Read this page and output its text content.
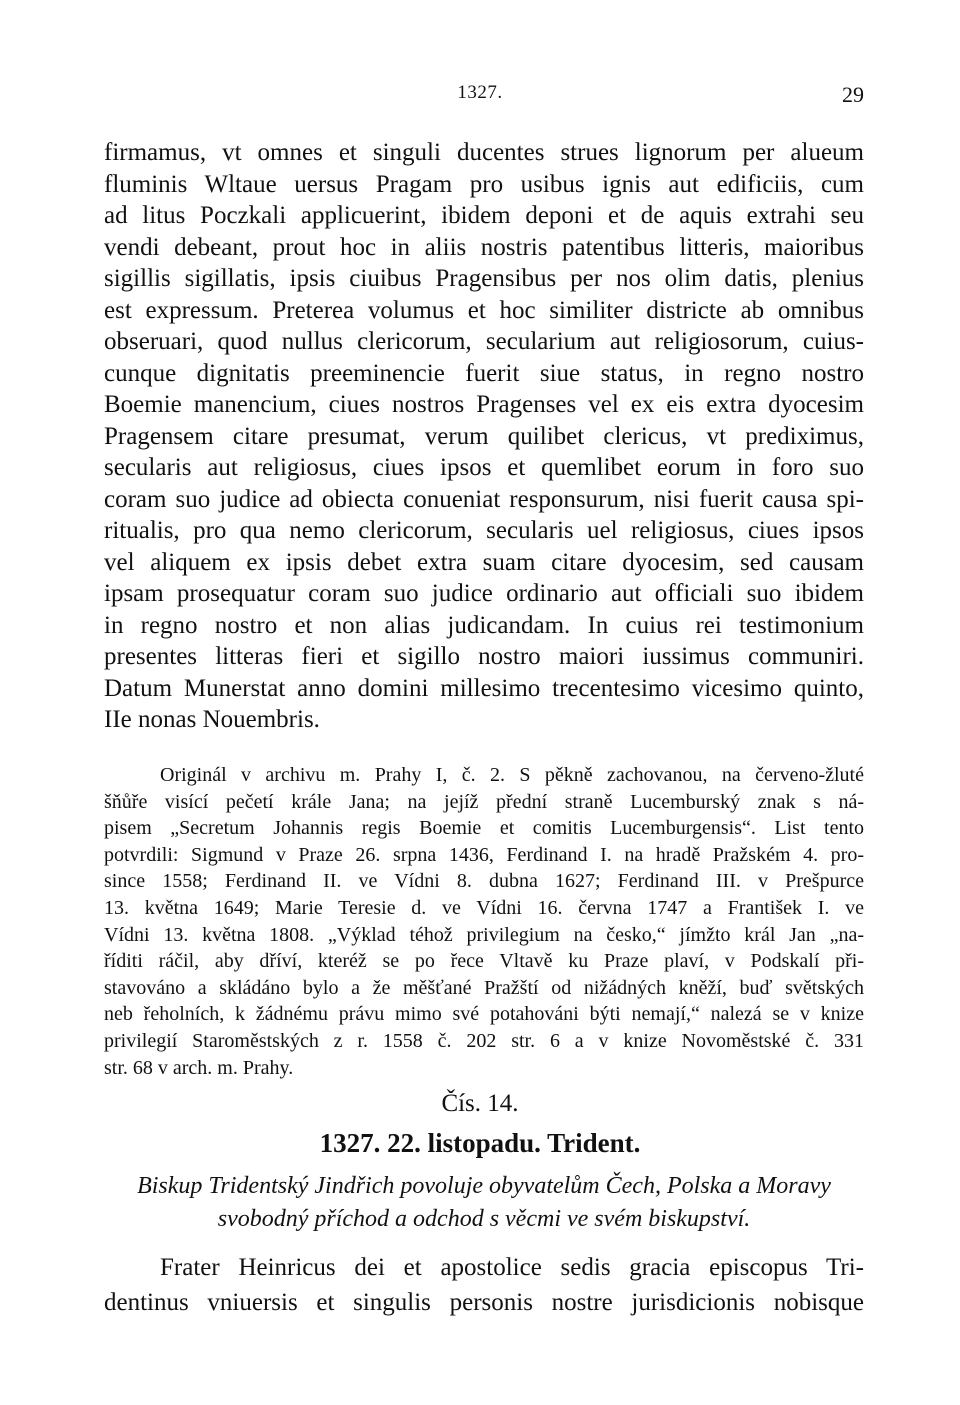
1327.	29
firmamus, vt omnes et singuli ducentes strues lignorum per alueum
fluminis Wltaue uersus Pragam pro usibus ignis aut edificiis, cum
ad litus Poczkali applicuerint, ibidem deponi et de aquis extrahi seu
vendi debeant, prout hoc in aliis nostris patentibus litteris, maioribus
sigillis sigillatis, ipsis ciuibus Pragensibus per nos olim datis, plenius
est expressum. Preterea volumus et hoc similiter districte ab omnibus
obseruari, quod nullus clericorum, secularium aut religiosorum, cuius-
cunque dignitatis preeminencie fuerit siue status, in regno nostro
Boemie manencium, ciues nostros Pragenses vel ex eis extra dyocesim
Pragensem citare presumat, verum quilibet clericus, vt prediximus,
secularis aut religiosus, ciues ipsos et quemlibet eorum in foro suo
coram suo judice ad obiecta conueniat responsurum, nisi fuerit causa spi-
ritualis, pro qua nemo clericorum, secularis uel religiosus, ciues ipsos
vel aliquem ex ipsis debet extra suam citare dyocesim, sed causam
ipsam prosequatur coram suo judice ordinario aut officiali suo ibidem
in regno nostro et non alias judicandam. In cuius rei testimonium
presentes litteras fieri et sigillo nostro maiori iussimus communiri.
Datum Munerstat anno domini millesimo trecentesimo vicesimo quinto,
IIe nonas Nouembris.
Originál v archivu m. Prahy I, č. 2. S pěkně zachovanou, na červeno-žluté
šňůře visící pečetí krále Jana; na jejíž přední straně Lucemburský znak s ná-
pisem „Secretum Johannis regis Boemie et comitis Lucemburgensis“. List tento
potvrdili: Sigmund v Praze 26. srpna 1436, Ferdinand I. na hradě Pražském 4. pro-
since 1558; Ferdinand II. ve Vídni 8. dubna 1627; Ferdinand III. v Prešpurce
13. května 1649; Marie Teresie d. ve Vídni 16. června 1747 a František I. ve
Vídni 13. května 1808. „Výklad téhož privilegium na česko,“ jímžto král Jan „na-
říditi ráčil, aby dříví, kteréž se po řece Vltavě ku Praze plaví, v Podskalí při-
stavováno a skládáno bylo a že měšťané Pražští od nižádných kněží, buď světských
neb řeholních, k žádnému právu mimo své potahováni býti nemají,“ nalezá se v knize
privilegií Staroměstských z r. 1558 č. 202 str. 6 a v knize Novoměstské č. 331
str. 68 v arch. m. Prahy.
Čís. 14.
1327. 22. listopadu. Trident.
Biskup Tridentský Jindřich povoluje obyvatelům Čech, Polska a Moravy
svobodný příchod a odchod s věcmi ve svém biskupství.
Frater Heinricus dei et apostolice sedis gracia episcopus Tri-
dentinus vniuersis et singulis personis nostre jurisdicionis nobisque
